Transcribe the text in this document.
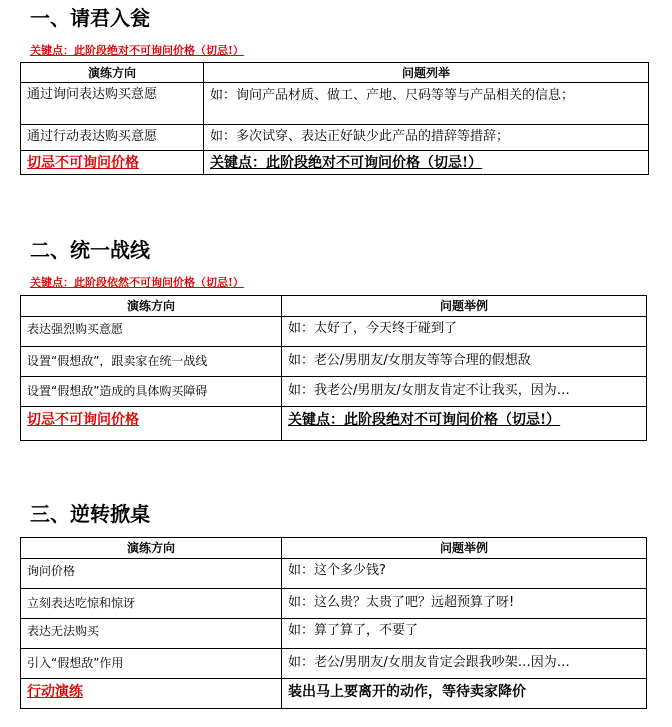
一、请君入瓮
关键点：此阶段绝对不可询问价格（切忌!）
演练方向	问题列举
通过询问表达购买意愿	如：询问产品材质、做工、产地、尺码等等与产品相关的信息；
通过行动表达购买意愿	如：多次试穿、表达正好缺少此产品的措辞等措辞；
切忌不可询问价格	关键点：此阶段绝对不可询问价格（切忌!）
二、统一战线
关键点：此阶段依然不可询问价格（切忌!）
演练方向	问题举例
表达强烈购买意愿	如：太好了，今天终于碰到了
设置“假想敌”，跟卖家在统一战线	如：老公/男朋友/女朋友等等合理的假想敌
设置“假想敌”造成的具体购买障碍	如：我老公/男朋友/女朋友肯定不让我买，因为…
切忌不可询问价格	关键点：此阶段绝对不可询问价格（切忌!）
三、逆转掀桌
演练方向	问题举例
询问价格	如：这个多少钱?
立刻表达吃惊和惊讶	如：这么贵？太贵了吧？远超预算了呀!
表达无法购买	如：算了算了，不要了
引入“假想敌”作用	如：老公/男朋友/女朋友肯定会跟我吵架…因为…
行动演练	装出马上要离开的动作，等待卖家降价
